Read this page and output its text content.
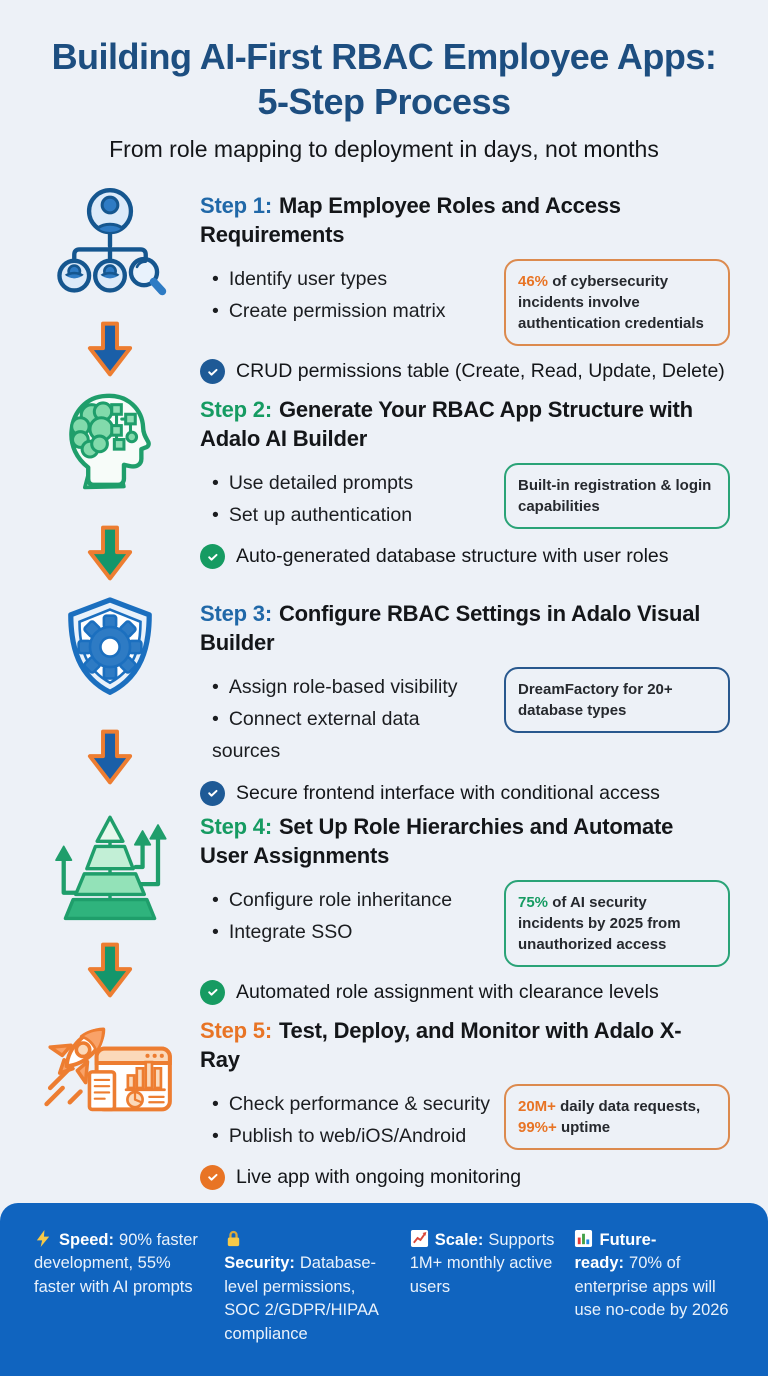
Building AI-First RBAC Employee Apps: 5-Step Process
From role mapping to deployment in days, not months
Step 1: Map Employee Roles and Access Requirements
• Identify user types
• Create permission matrix
46% of cybersecurity incidents involve authentication credentials
CRUD permissions table (Create, Read, Update, Delete)
Step 2: Generate Your RBAC App Structure with Adalo AI Builder
• Use detailed prompts
• Set up authentication
Built-in registration & login capabilities
Auto-generated database structure with user roles
Step 3: Configure RBAC Settings in Adalo Visual Builder
• Assign role-based visibility
• Connect external data sources
DreamFactory for 20+ database types
Secure frontend interface with conditional access
Step 4: Set Up Role Hierarchies and Automate User Assignments
• Configure role inheritance
• Integrate SSO
75% of AI security incidents by 2025 from unauthorized access
Automated role assignment with clearance levels
Step 5: Test, Deploy, and Monitor with Adalo X-Ray
• Check performance & security
• Publish to web/iOS/Android
20M+ daily data requests, 99%+ uptime
Live app with ongoing monitoring
Speed: 90% faster development, 55% faster with AI prompts
Security: Database-level permissions, SOC 2/GDPR/HIPAA compliance
Scale: Supports 1M+ monthly active users
Future-ready: 70% of enterprise apps will use no-code by 2026
